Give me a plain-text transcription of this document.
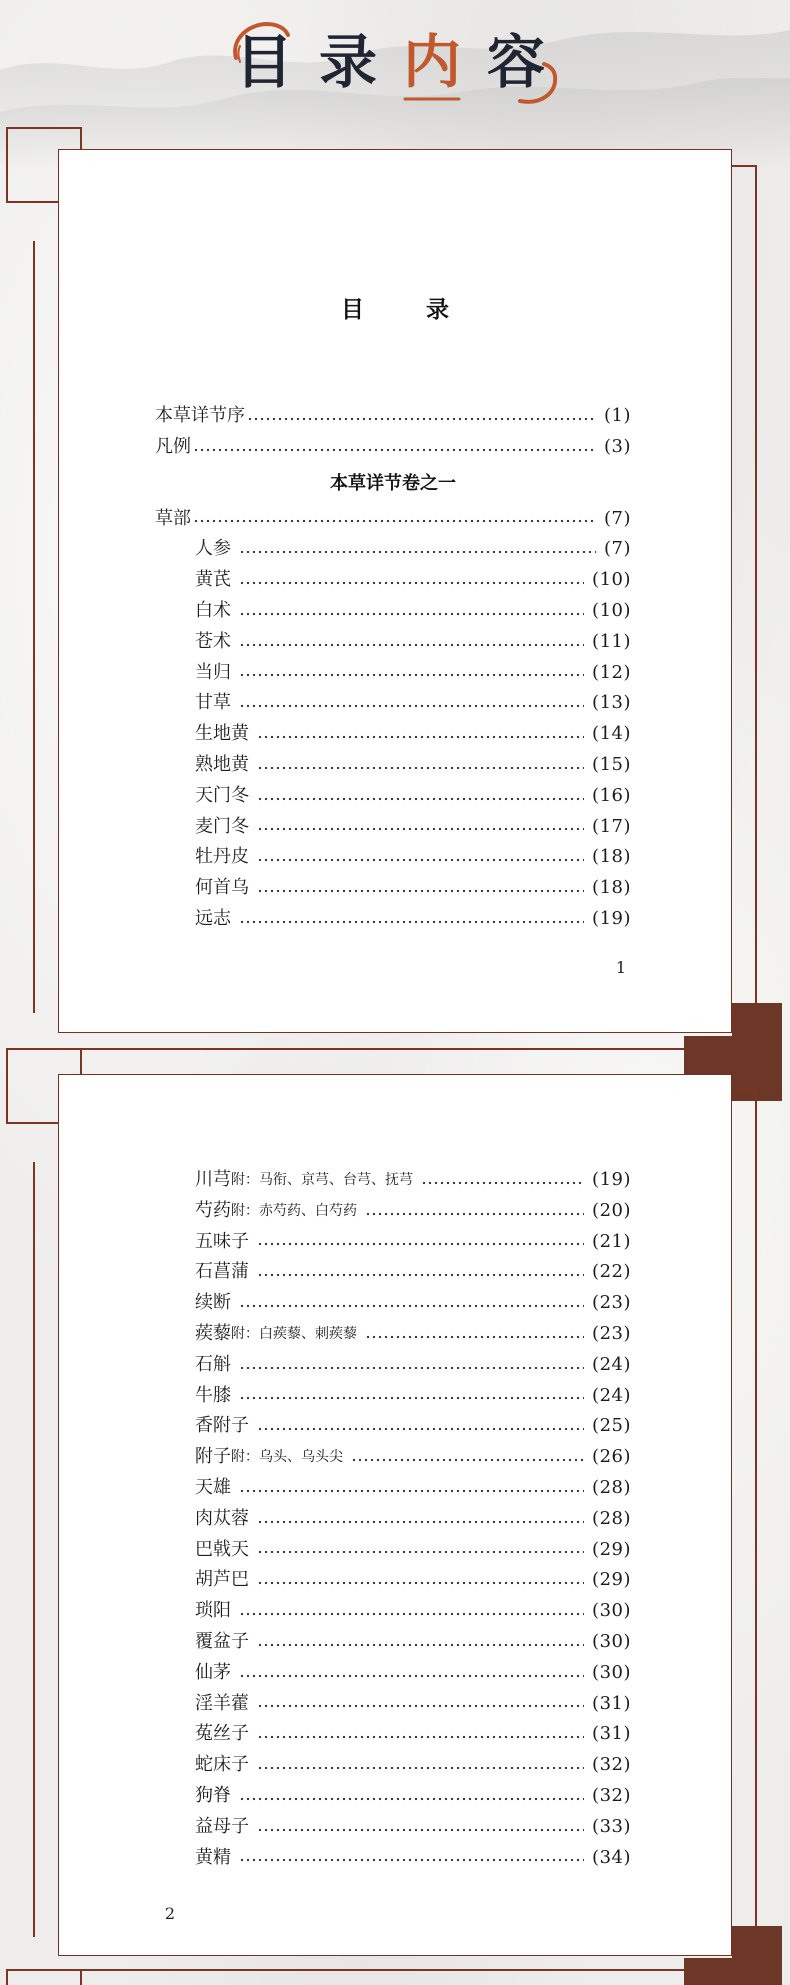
目 录 内 容
目录
本草详节序	(1)
凡例	(3)
本草详节卷之一
草部	(7)
人参	(7)
黄芪	(10)
白术	(10)
苍术	(11)
当归	(12)
甘草	(13)
生地黄	(14)
熟地黄	(15)
天门冬	(16)
麦门冬	(17)
牡丹皮	(18)
何首乌	(18)
远志	(19)
1
川芎 附：马衔、京芎、台芎、抚芎	(19)
芍药 附：赤芍药、白芍药	(20)
五味子	(21)
石菖蒲	(22)
续断	(23)
蒺藜 附：白蒺藜、刺蒺藜	(23)
石斛	(24)
牛膝	(24)
香附子	(25)
附子 附：乌头、乌头尖	(26)
天雄	(28)
肉苁蓉	(28)
巴戟天	(29)
胡芦巴	(29)
琐阳	(30)
覆盆子	(30)
仙茅	(30)
淫羊藿	(31)
菟丝子	(31)
蛇床子	(32)
狗脊	(32)
益母子	(33)
黄精	(34)
2
